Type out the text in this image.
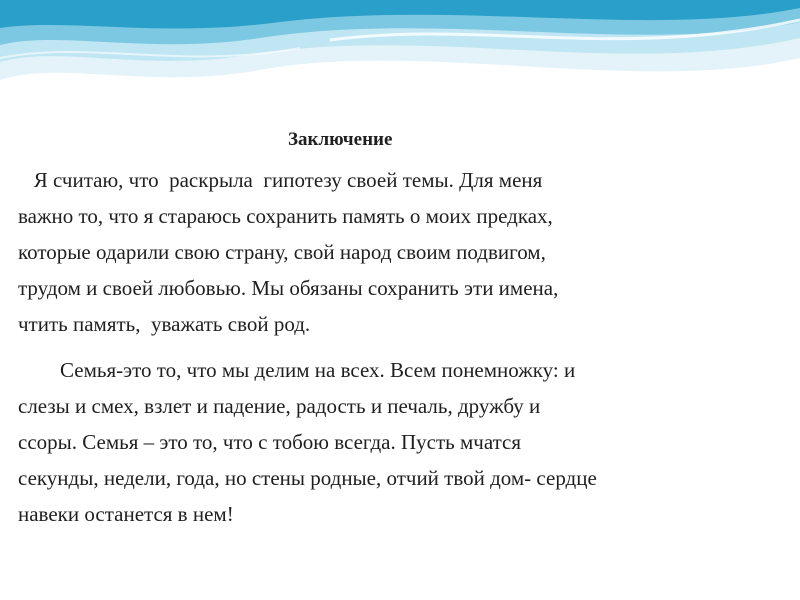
Заключение

Я считаю, что  раскрыла  гипотезу своей темы. Для меня

важно то, что я стараюсь сохранить память о моих предках,

которые одарили свою страну, свой народ своим подвигом,

трудом и своей любовью. Мы обязаны сохранить эти имена,

чтить память,  уважать свой род.

Семья-это то, что мы делим на всех. Всем понемножку: и

слезы и смех, взлет и падение, радость и печаль, дружбу и

ссоры. Семья – это то, что с тобою всегда. Пусть мчатся

секунды, недели, года, но стены родные, отчий твой дом- сердце

навеки останется в нем!
